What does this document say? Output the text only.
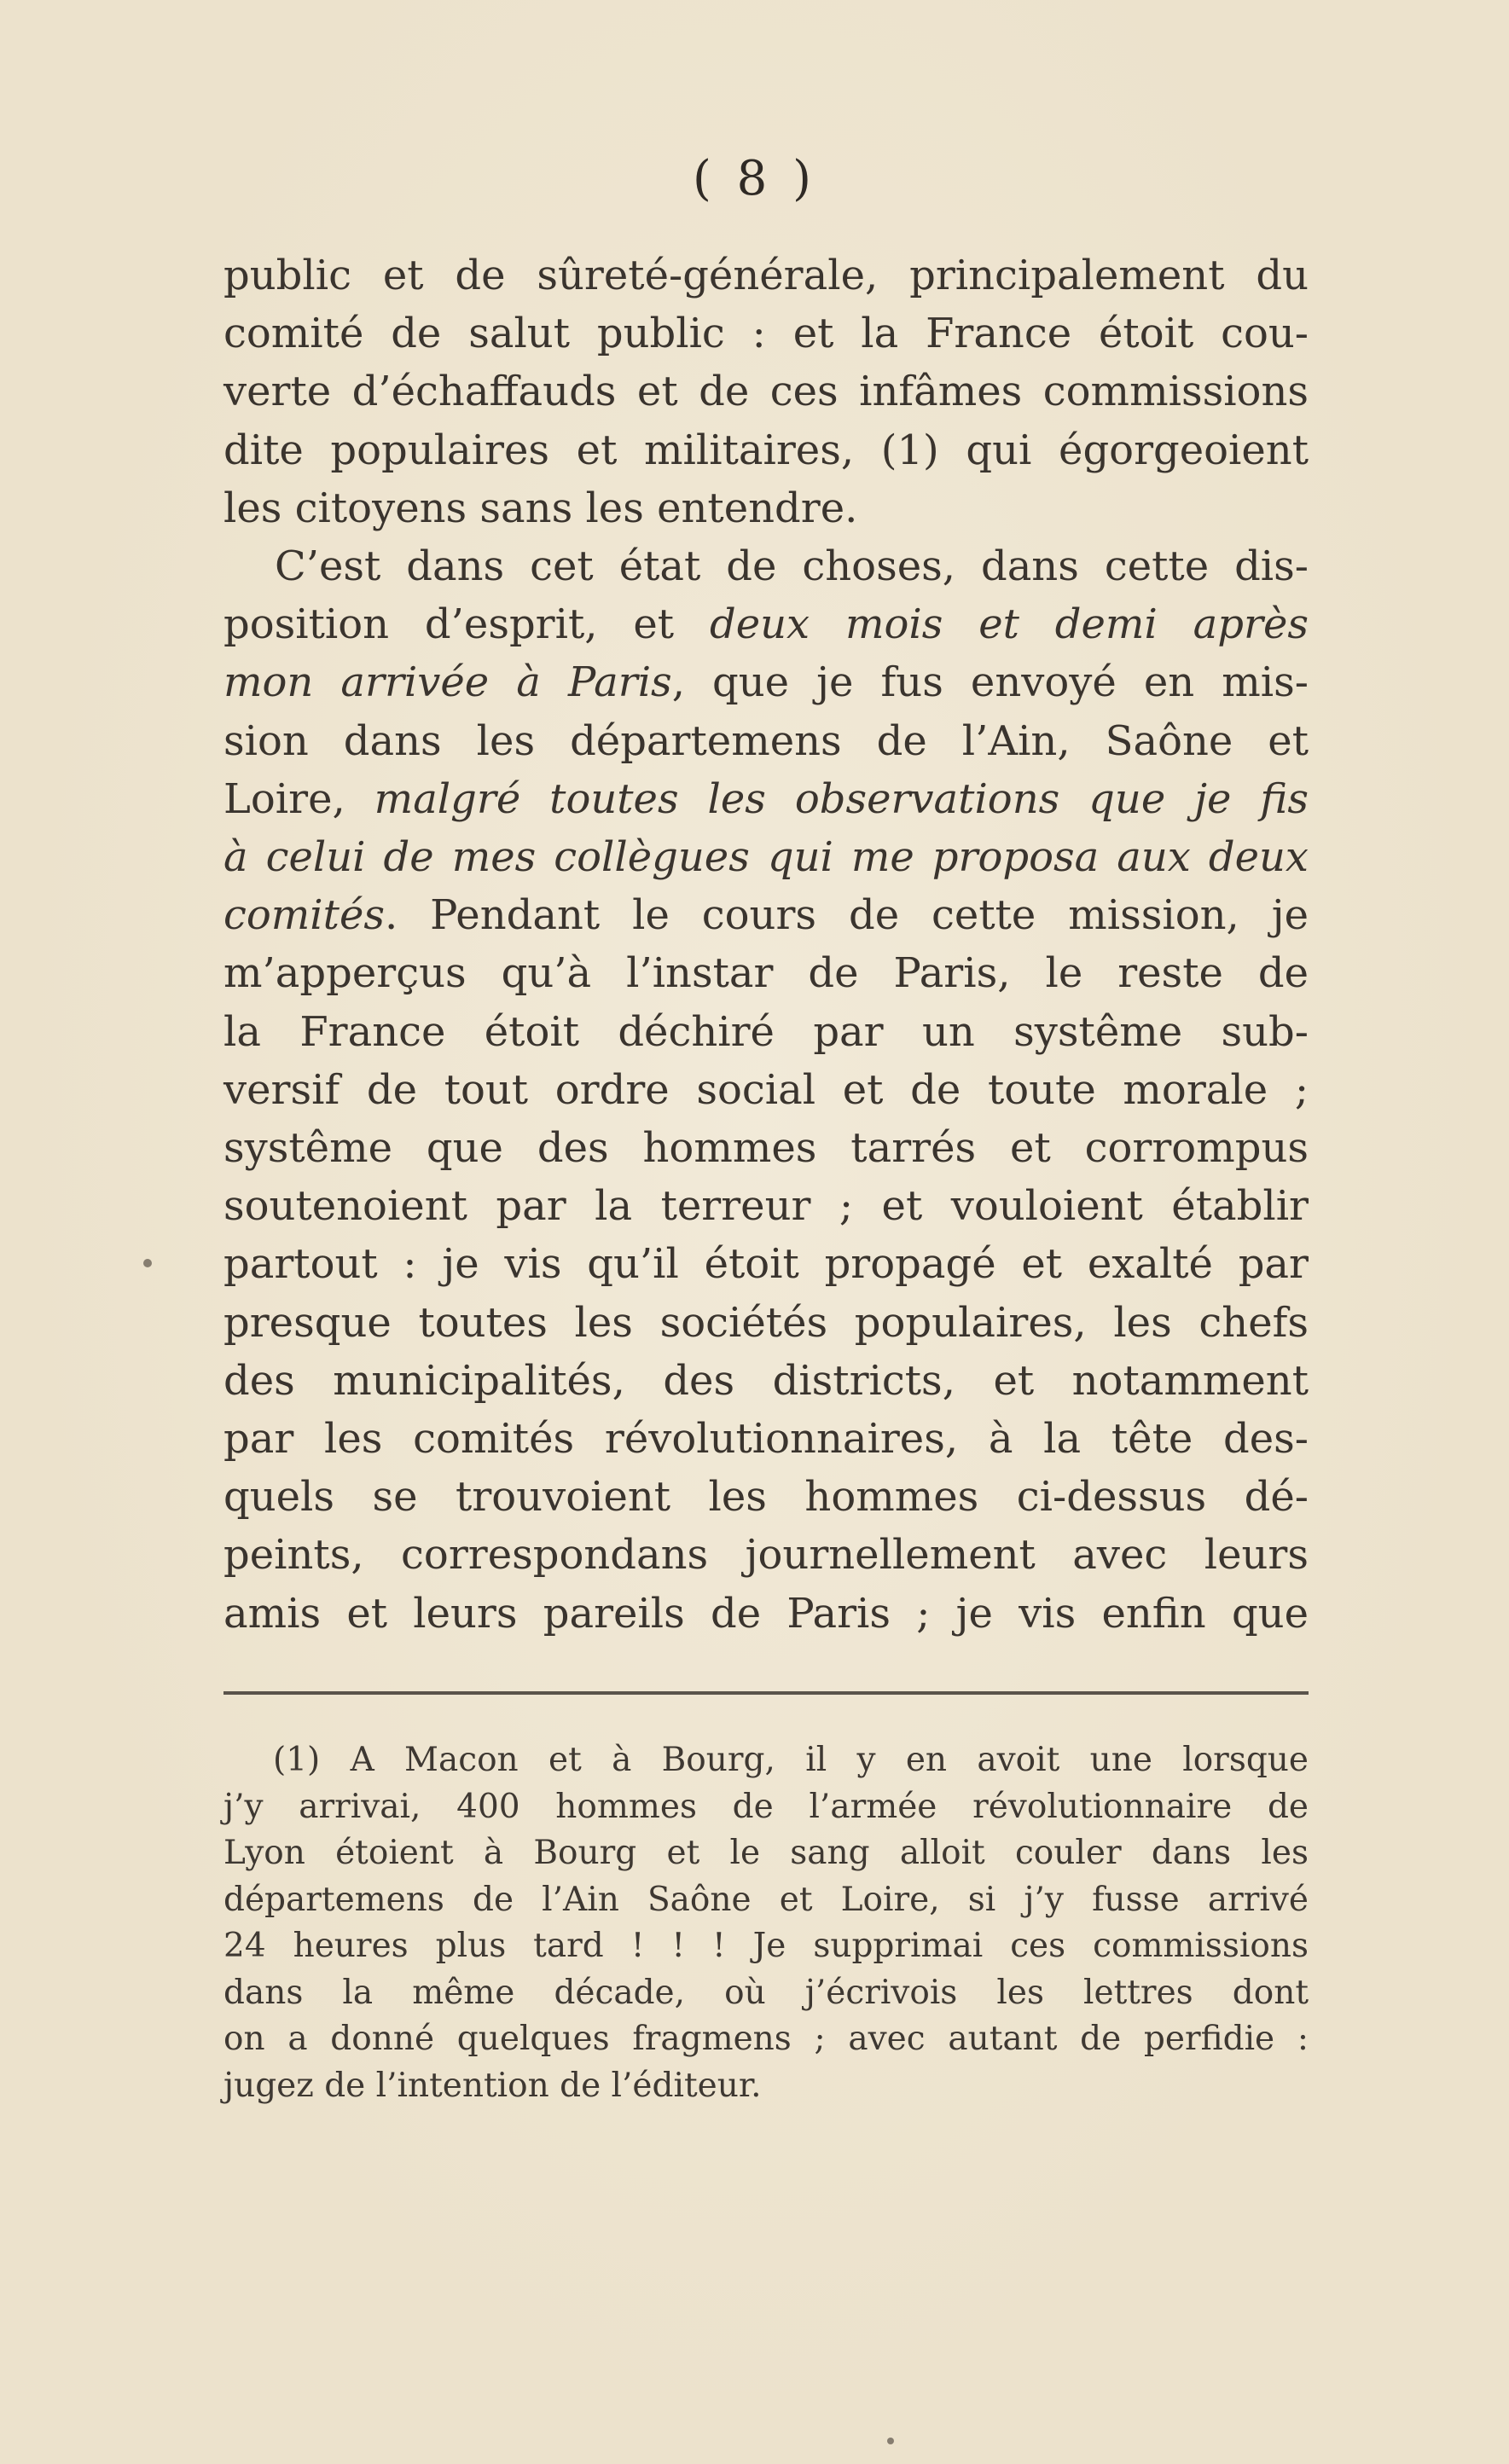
( 8 )
public et de sûreté-générale, principalement du
comité de salut public : et la France étoit cou-
verte d’échaffauds et de ces infâmes commissions
dite populaires et militaires, (1) qui égorgeoient
les citoyens sans les entendre.
C’est dans cet état de choses, dans cette dis-
position d’esprit, et deux mois et demi après
mon arrivée à Paris, que je fus envoyé en mis-
sion dans les départemens de l’Ain, Saône et
Loire, malgré toutes les observations que je fis
à celui de mes collègues qui me proposa aux deux
comités. Pendant le cours de cette mission, je
m’apperçus qu’à l’instar de Paris, le reste de
la France étoit déchiré par un systême sub-
versif de tout ordre social et de toute morale ;
systême que des hommes tarrés et corrompus
soutenoient par la terreur ; et vouloient établir
partout : je vis qu’il étoit propagé et exalté par
presque toutes les sociétés populaires, les chefs
des municipalités, des districts, et notamment
par les comités révolutionnaires, à la tête des-
quels se trouvoient les hommes ci-dessus dé-
peints, correspondans journellement avec leurs
amis et leurs pareils de Paris ; je vis enfin que
(1) A Macon et à Bourg, il y en avoit une lorsque
j’y arrivai, 400 hommes de l’armée révolutionnaire de
Lyon étoient à Bourg et le sang alloit couler dans les
départemens de l’Ain Saône et Loire, si j’y fusse arrivé
24 heures plus tard ! ! ! Je supprimai ces commissions
dans la même décade, où j’écrivois les lettres dont
on a donné quelques fragmens ; avec autant de perfidie :
jugez de l’intention de l’éditeur.
